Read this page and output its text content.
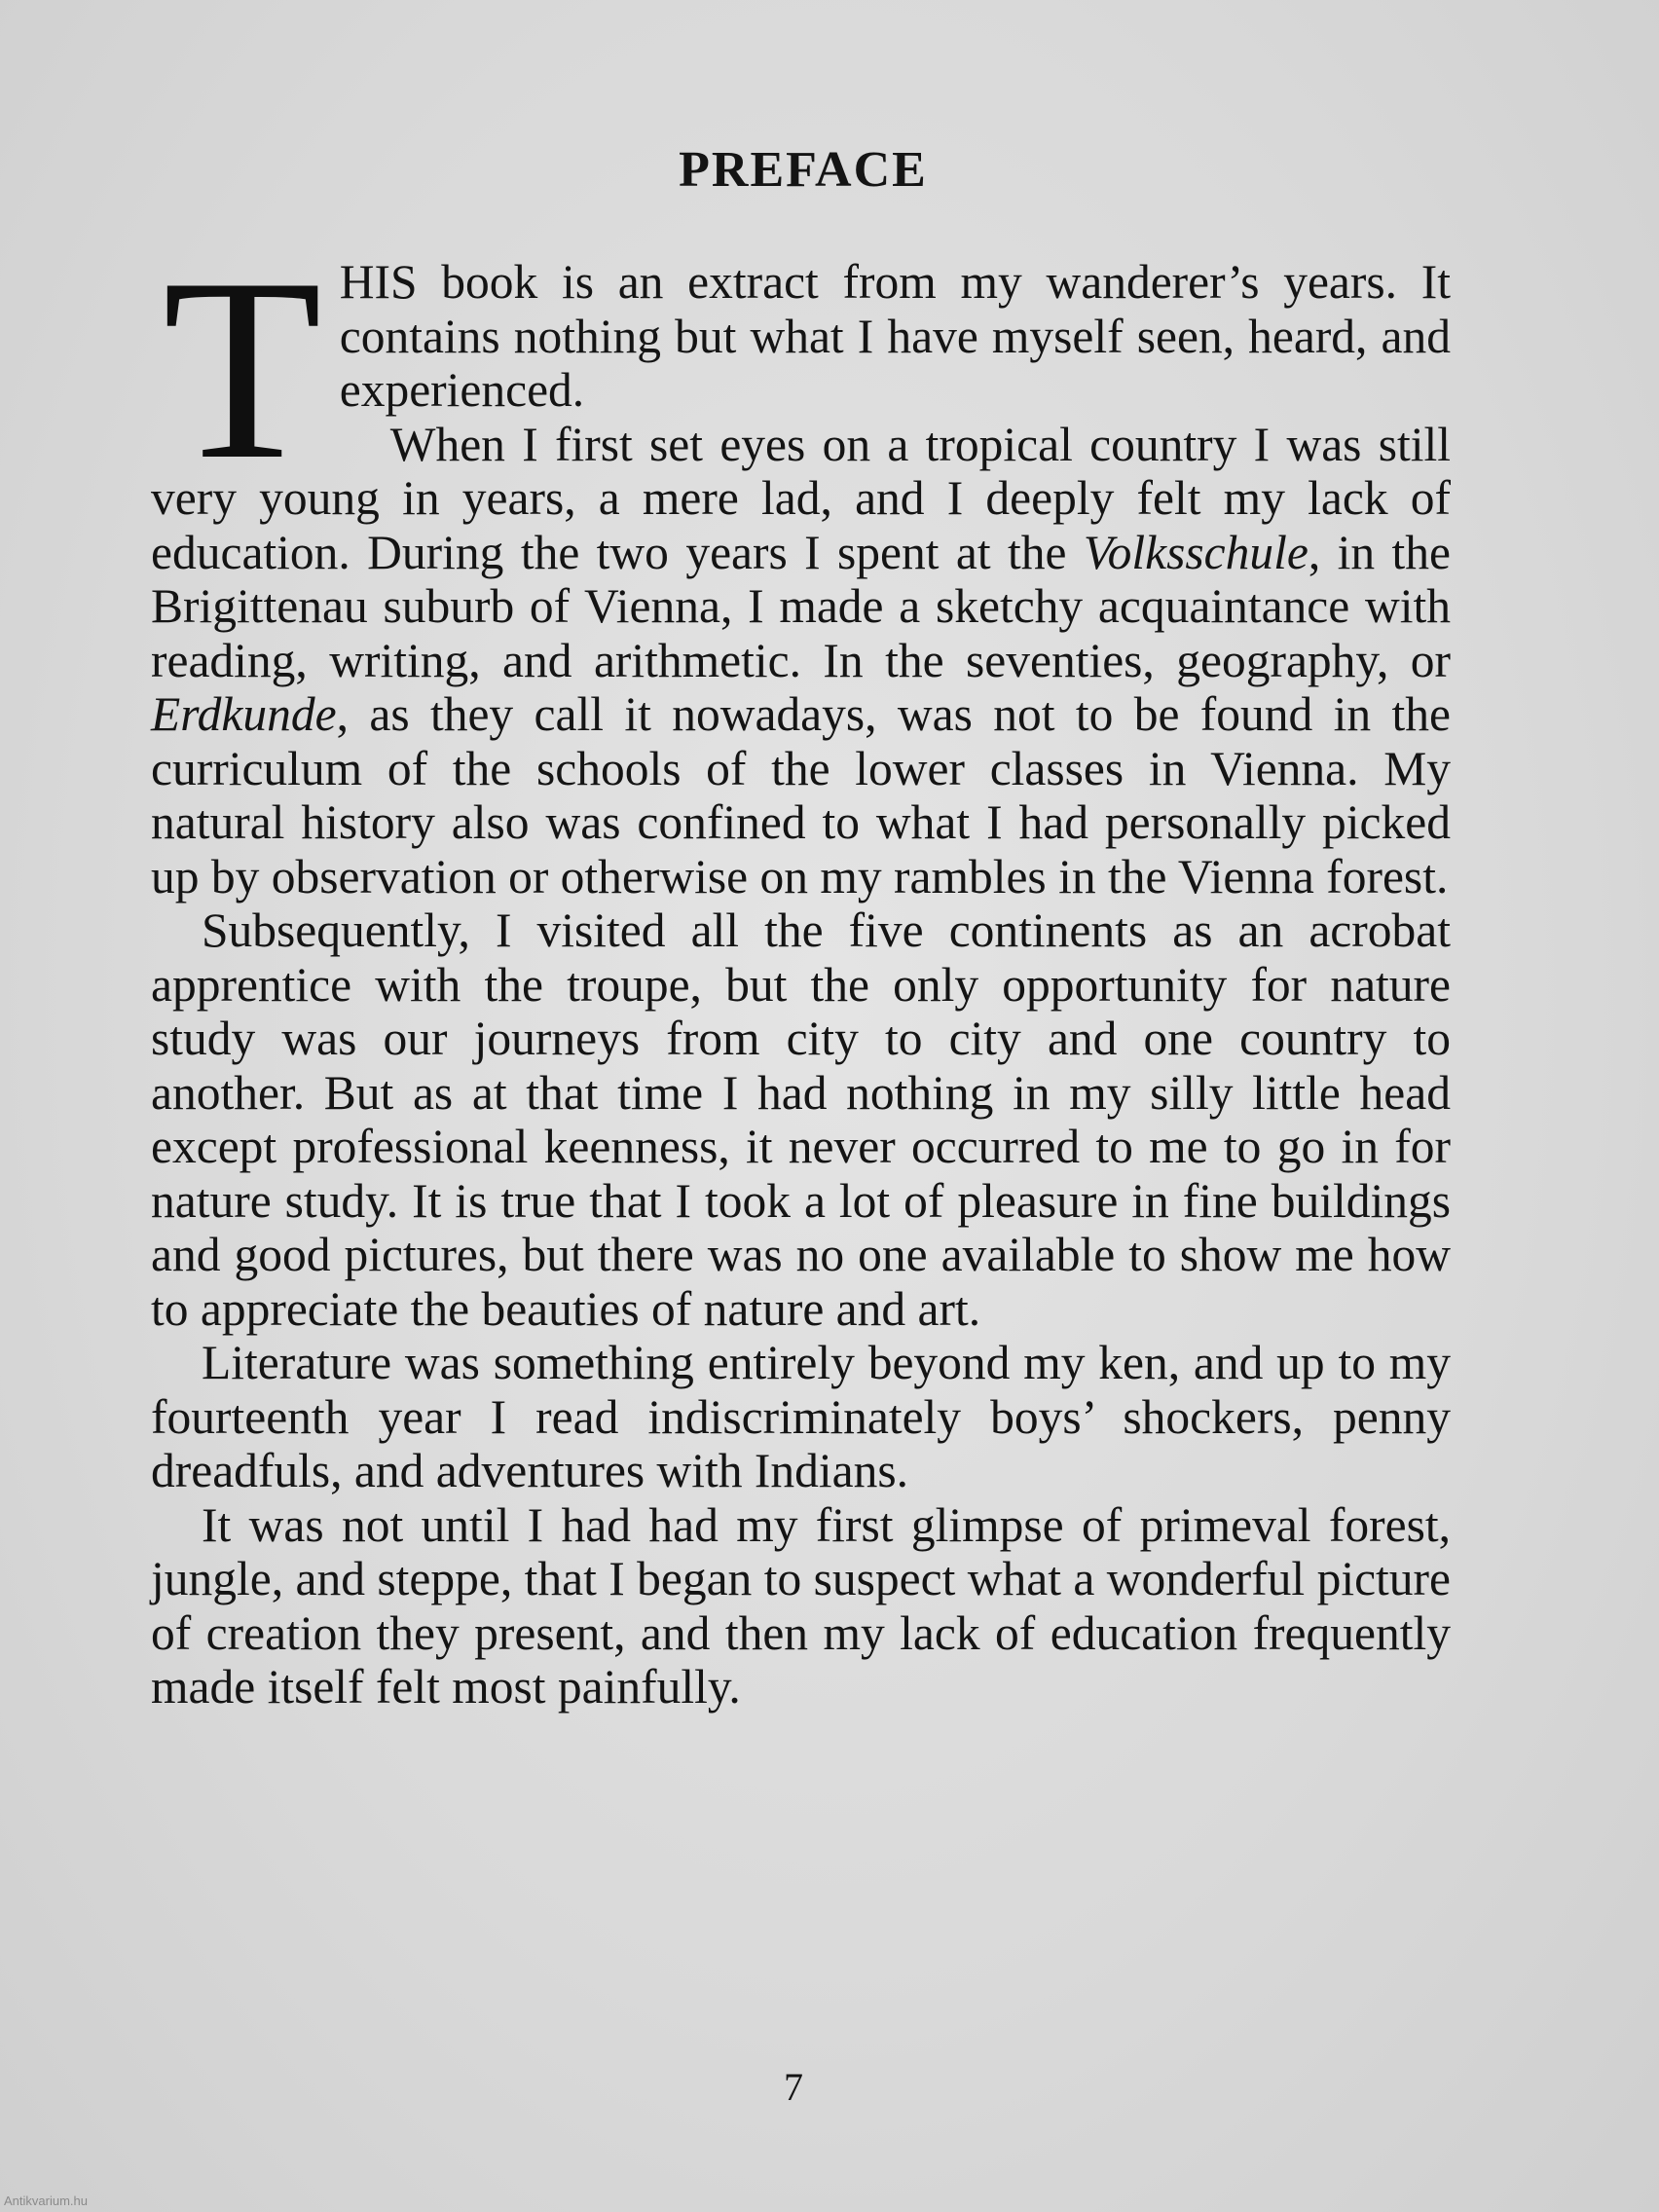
PREFACE

T HIS book is an extract from my wanderer’s years. It contains nothing but what I have myself seen, heard, and experienced.

When I first set eyes on a tropical country I was still very young in years, a mere lad, and I deeply felt my lack of education. During the two years I spent at the Volksschule, in the Brigittenau suburb of Vienna, I made a sketchy acquaintance with reading, writing, and arithmetic. In the seventies, geography, or Erdkunde, as they call it nowadays, was not to be found in the curriculum of the schools of the lower classes in Vienna. My natural history also was confined to what I had personally picked up by observation or otherwise on my rambles in the Vienna forest.

Subsequently, I visited all the five continents as an acrobat apprentice with the troupe, but the only opportunity for nature study was our journeys from city to city and one country to another. But as at that time I had nothing in my silly little head except professional keenness, it never occurred to me to go in for nature study. It is true that I took a lot of pleasure in fine buildings and good pictures, but there was no one available to show me how to appreciate the beauties of nature and art.

Literature was something entirely beyond my ken, and up to my fourteenth year I read indiscriminately boys’ shockers, penny dreadfuls, and adventures with Indians.

It was not until I had had my first glimpse of primeval forest, jungle, and steppe, that I began to suspect what a wonderful picture of creation they present, and then my lack of education frequently made itself felt most painfully.

7
Antikvarium.hu
